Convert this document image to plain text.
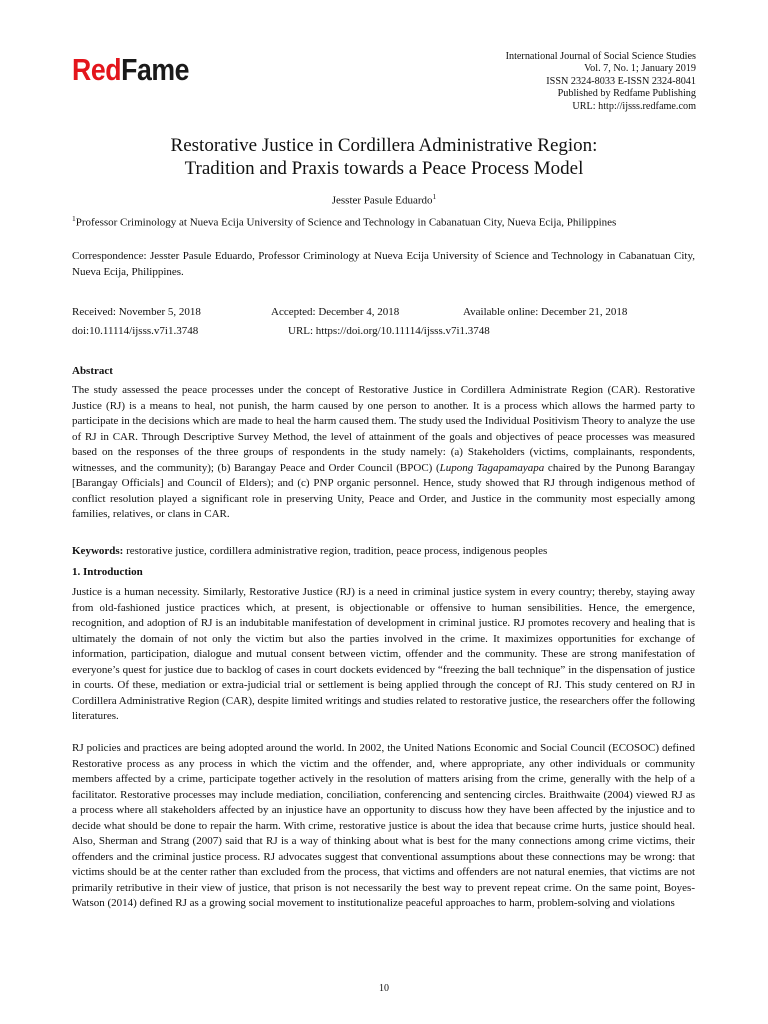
RedFame	International Journal of Social Science Studies
Vol. 7, No. 1; January 2019
ISSN 2324-8033 E-ISSN 2324-8041
Published by Redfame Publishing
URL: http://ijsss.redfame.com
Restorative Justice in Cordillera Administrative Region:
Tradition and Praxis towards a Peace Process Model
Jesster Pasule Eduardo$^1$
$^1$Professor Criminology at Nueva Ecija University of Science and Technology in Cabanatuan City, Nueva Ecija, Philippines
Correspondence: Jesster Pasule Eduardo, Professor Criminology at Nueva Ecija University of Science and Technology in Cabanatuan City, Nueva Ecija, Philippines.
Received: November 5, 2018	Accepted: December 4, 2018	Available online: December 21, 2018
doi:10.11114/ijsss.v7i1.3748	URL: https://doi.org/10.11114/ijsss.v7i1.3748
Abstract
The study assessed the peace processes under the concept of Restorative Justice in Cordillera Administrate Region (CAR). Restorative Justice (RJ) is a means to heal, not punish, the harm caused by one person to another. It is a process which allows the harmed party to participate in the decisions which are made to heal the harm caused them. The study used the Individual Positivism Theory to analyze the use of RJ in CAR. Through Descriptive Survey Method, the level of attainment of the goals and objectives of peace processes was measured based on the responses of the three groups of respondents in the study namely: (a) Stakeholders (victims, complainants, respondents, witnesses, and the community); (b) Barangay Peace and Order Council (BPOC) (Lupong Tagapamayapa chaired by the Punong Barangay [Barangay Officials] and Council of Elders); and (c) PNP organic personnel. Hence, study showed that RJ through indigenous method of conflict resolution played a significant role in preserving Unity, Peace and Order, and Justice in the community most especially among families, relatives, or clans in CAR.
Keywords: restorative justice, cordillera administrative region, tradition, peace process, indigenous peoples
1. Introduction
Justice is a human necessity. Similarly, Restorative Justice (RJ) is a need in criminal justice system in every country; thereby, staying away from old-fashioned justice practices which, at present, is objectionable or offensive to human sensibilities. Hence, the emergence, recognition, and adoption of RJ is an indubitable manifestation of development in criminal justice. RJ promotes recovery and healing that is ultimately the domain of not only the victim but also the parties involved in the crime. It maximizes opportunities for exchange of information, participation, dialogue and mutual consent between victim, offender and the community. These are strong manifestation of everyone’s quest for justice due to backlog of cases in court dockets evidenced by “freezing the ball technique” in the dispensation of justice in courts. Of these, mediation or extra-judicial trial or settlement is being applied through the concept of RJ. This study centered on RJ in Cordillera Administrative Region (CAR), despite limited writings and studies related to restorative justice, the researchers offer the following literatures.
RJ policies and practices are being adopted around the world. In 2002, the United Nations Economic and Social Council (ECOSOC) defined Restorative process as any process in which the victim and the offender, and, where appropriate, any other individuals or community members affected by a crime, participate together actively in the resolution of matters arising from the crime, generally with the help of a facilitator. Restorative processes may include mediation, conciliation, conferencing and sentencing circles. Braithwaite (2004) viewed RJ as a process where all stakeholders affected by an injustice have an opportunity to discuss how they have been affected by the injustice and to decide what should be done to repair the harm. With crime, restorative justice is about the idea that because crime hurts, justice should heal. Also, Sherman and Strang (2007) said that RJ is a way of thinking about what is best for the many connections among crime victims, their offenders and the criminal justice process. RJ advocates suggest that conventional assumptions about these connections may be wrong: that victims should be at the center rather than excluded from the process, that victims and offenders are not natural enemies, that victims are not primarily retributive in their view of justice, that prison is not necessarily the best way to prevent repeat crime. On the same point, Boyes-Watson (2014) defined RJ as a growing social movement to institutionalize peaceful approaches to harm, problem-solving and violations
10
